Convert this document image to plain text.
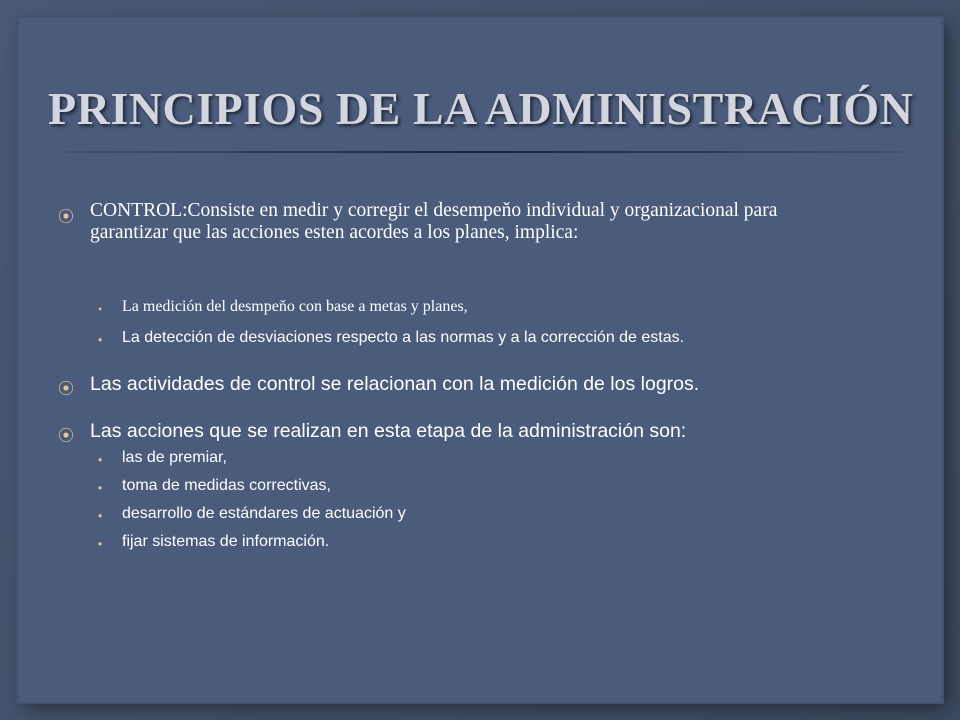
PRINCIPIOS DE LA ADMINISTRACIÓN
⦿ CONTROL:Consiste en medir y corregir el desempeňo individual y organizacional para garantizar que las acciones esten acordes a los planes, implica:
•	La medición del desmpeňo con base a metas y planes,
•	La detección de desviaciones respecto a las normas y a la corrección de estas.
⦿ Las actividades de control se relacionan con la medición de los logros.
⦿ Las acciones que se realizan en esta etapa de la administración son:
•	las de premiar,
•	toma de medidas correctivas,
•	desarrollo de estándares de actuación y
•	fijar sistemas de información.
